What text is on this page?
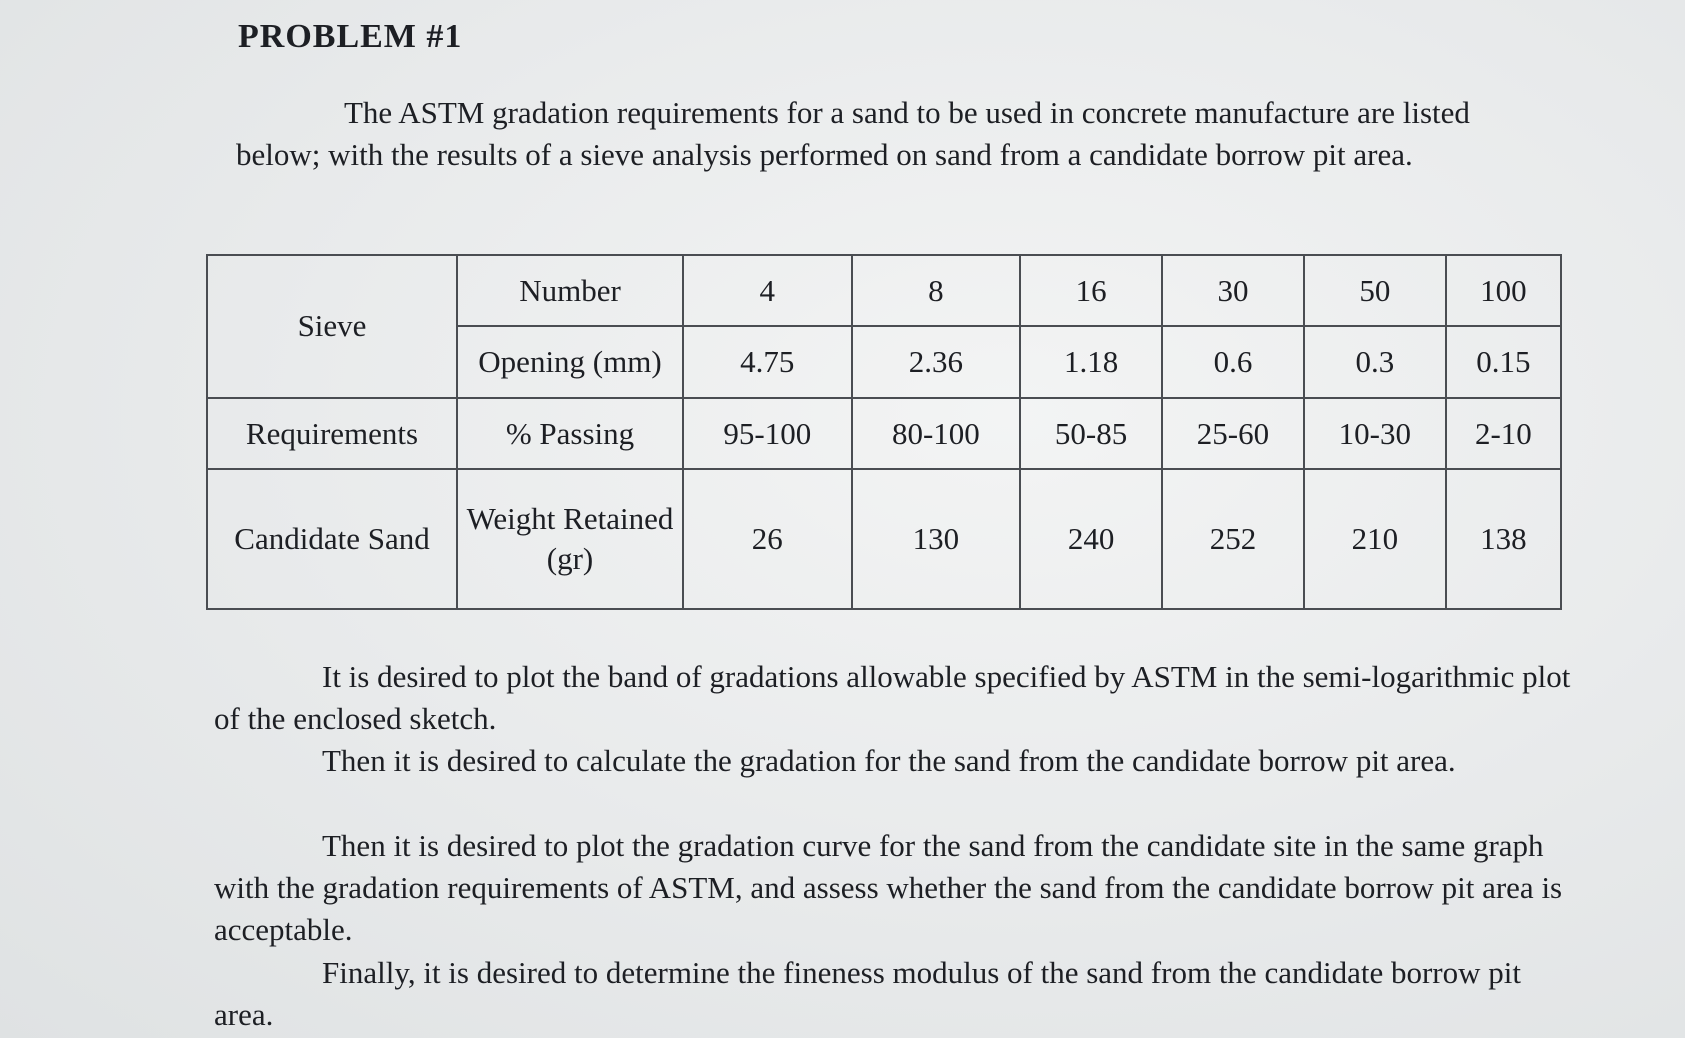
PROBLEM #1
The ASTM gradation requirements for a sand to be used in concrete manufacture are listed below; with the results of a sieve analysis performed on sand from a candidate borrow pit area.
Sieve	Number	4	8	16	30	50	100
	Opening (mm)	4.75	2.36	1.18	0.6	0.3	0.15
Requirements	% Passing	95-100	80-100	50-85	25-60	10-30	2-10
Candidate Sand	Weight Retained (gr)	26	130	240	252	210	138
It is desired to plot the band of gradations allowable specified by ASTM in the semi-logarithmic plot of the enclosed sketch.
Then it is desired to calculate the gradation for the sand from the candidate borrow pit area.
Then it is desired to plot the gradation curve for the sand from the candidate site in the same graph with the gradation requirements of ASTM, and assess whether the sand from the candidate borrow pit area is acceptable.
Finally, it is desired to determine the fineness modulus of the sand from the candidate borrow pit area.
